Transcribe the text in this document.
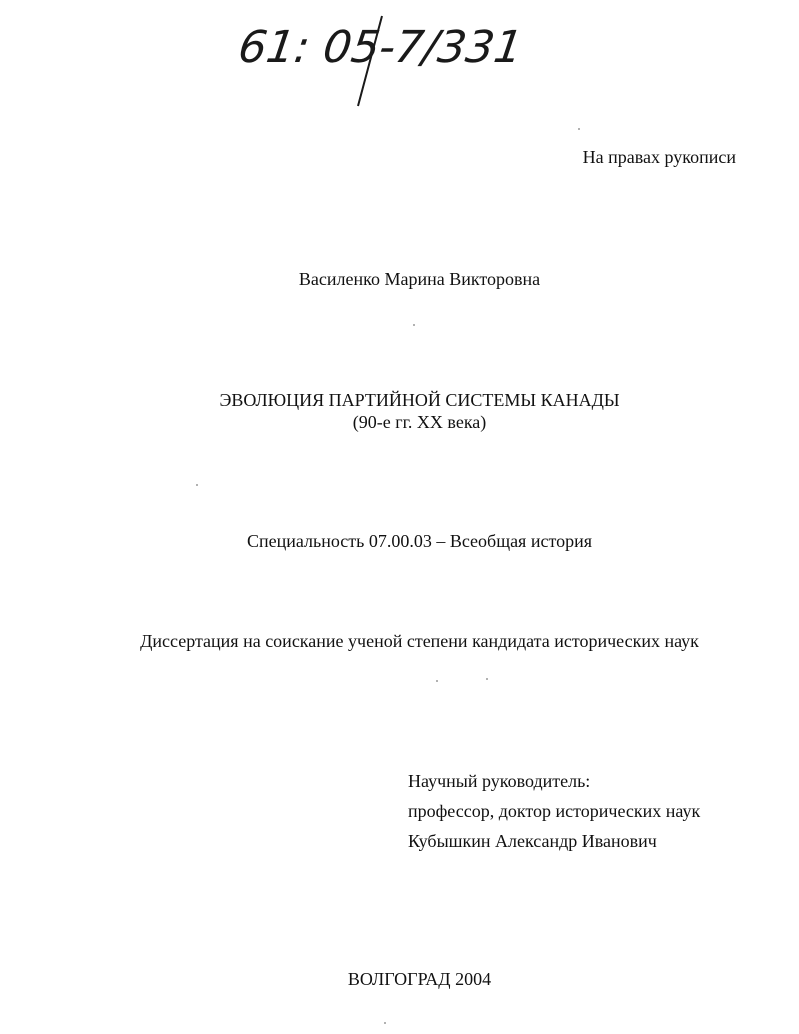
61: 05-7/331
На правах рукописи
Василенко Марина Викторовна
ЭВОЛЮЦИЯ ПАРТИЙНОЙ СИСТЕМЫ КАНАДЫ
(90-е гг. XX века)
Специальность 07.00.03 – Всеобщая история
Диссертация на соискание ученой степени кандидата исторических наук
Научный руководитель:
профессор, доктор исторических наук
Кубышкин Александр Иванович
ВОЛГОГРАД 2004
